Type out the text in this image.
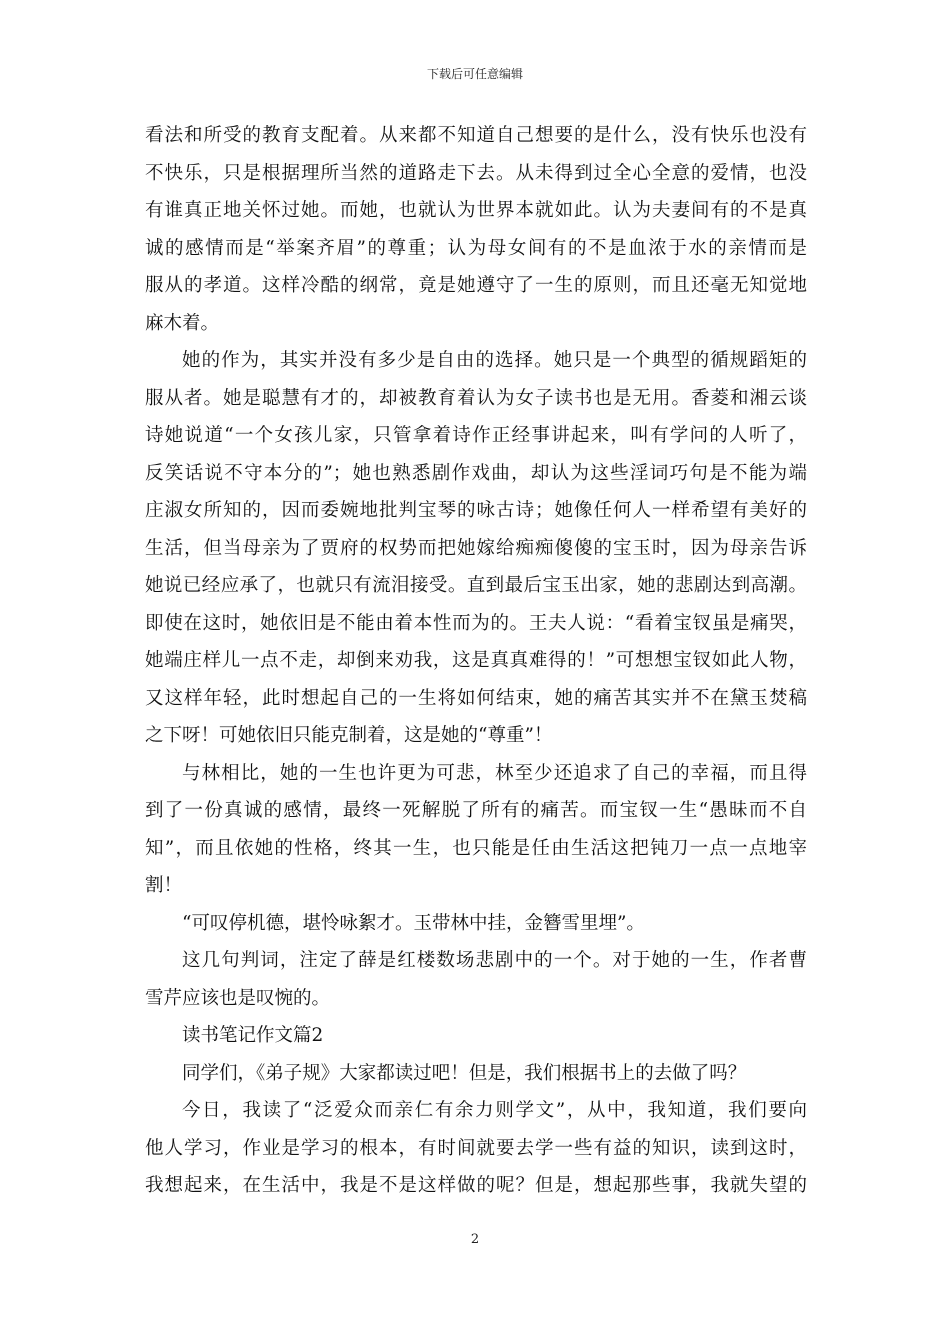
下载后可任意编辑
看法和所受的教育支配着。从来都不知道自己想要的是什么，没有快乐也没有
不快乐，只是根据理所当然的道路走下去。从未得到过全心全意的爱情，也没
有谁真正地关怀过她。而她，也就认为世界本就如此。认为夫妻间有的不是真
诚的感情而是“举案齐眉”的尊重；认为母女间有的不是血浓于水的亲情而是
服从的孝道。这样冷酷的纲常，竟是她遵守了一生的原则，而且还毫无知觉地
麻木着。
她的作为，其实并没有多少是自由的选择。她只是一个典型的循规蹈矩的
服从者。她是聪慧有才的，却被教育着认为女子读书也是无用。香菱和湘云谈
诗她说道“一个女孩儿家，只管拿着诗作正经事讲起来，叫有学问的人听了，
反笑话说不守本分的”；她也熟悉剧作戏曲，却认为这些淫词巧句是不能为端
庄淑女所知的，因而委婉地批判宝琴的咏古诗；她像任何人一样希望有美好的
生活，但当母亲为了贾府的权势而把她嫁给痴痴傻傻的宝玉时，因为母亲告诉
她说已经应承了，也就只有流泪接受。直到最后宝玉出家，她的悲剧达到高潮。
即使在这时，她依旧是不能由着本性而为的。王夫人说：“看着宝钗虽是痛哭，
她端庄样儿一点不走，却倒来劝我，这是真真难得的！”可想想宝钗如此人物，
又这样年轻，此时想起自己的一生将如何结束，她的痛苦其实并不在黛玉焚稿
之下呀！可她依旧只能克制着，这是她的“尊重”！
与林相比，她的一生也许更为可悲，林至少还追求了自己的幸福，而且得
到了一份真诚的感情，最终一死解脱了所有的痛苦。而宝钗一生“愚昧而不自
知”，而且依她的性格，终其一生，也只能是任由生活这把钝刀一点一点地宰
割！
“可叹停机德，堪怜咏絮才。玉带林中挂，金簪雪里埋”。
这几句判词，注定了薛是红楼数场悲剧中的一个。对于她的一生，作者曹
雪芹应该也是叹惋的。
读书笔记作文篇2
同学们，《弟子规》大家都读过吧！但是，我们根据书上的去做了吗？
今日，我读了“泛爱众而亲仁有余力则学文”，从中，我知道，我们要向
他人学习，作业是学习的根本，有时间就要去学一些有益的知识，读到这时，
我想起来，在生活中，我是不是这样做的呢？但是，想起那些事，我就失望的
2
